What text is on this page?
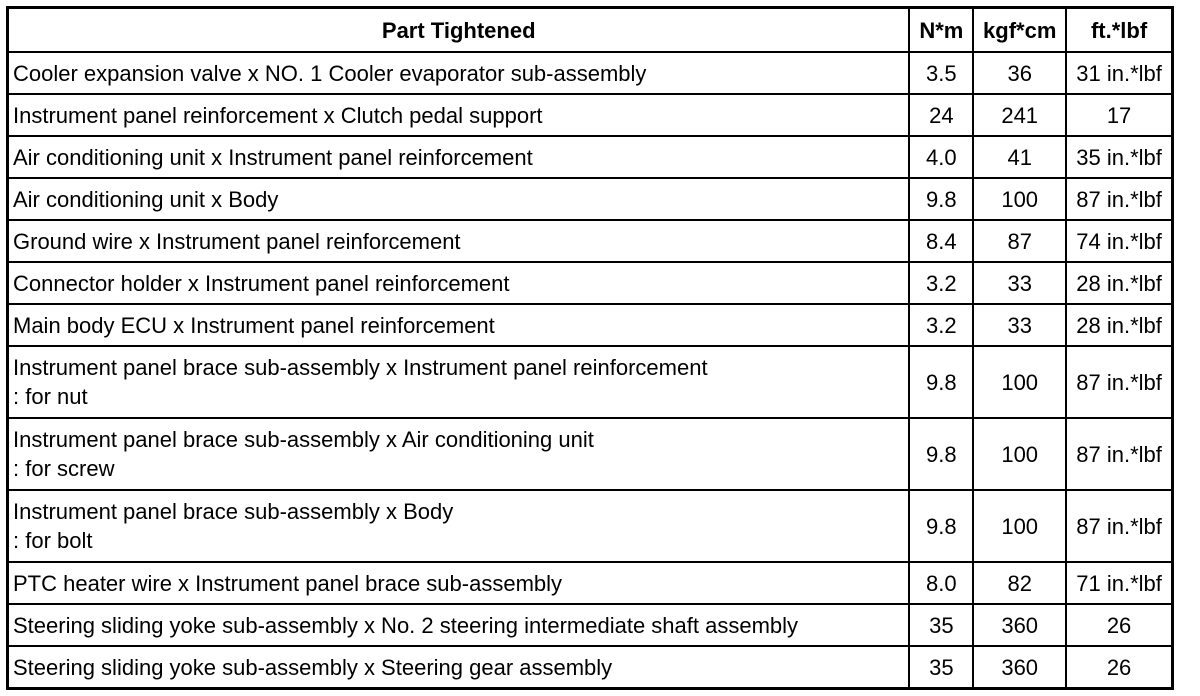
Part Tightened	N*m	kgf*cm	ft.*lbf
Cooler expansion valve x NO. 1 Cooler evaporator sub-assembly	3.5	36	31 in.*lbf
Instrument panel reinforcement x Clutch pedal support	24	241	17
Air conditioning unit x Instrument panel reinforcement	4.0	41	35 in.*lbf
Air conditioning unit x Body	9.8	100	87 in.*lbf
Ground wire x Instrument panel reinforcement	8.4	87	74 in.*lbf
Connector holder x Instrument panel reinforcement	3.2	33	28 in.*lbf
Main body ECU x Instrument panel reinforcement	3.2	33	28 in.*lbf
Instrument panel brace sub-assembly x Instrument panel reinforcement
: for nut	9.8	100	87 in.*lbf
Instrument panel brace sub-assembly x Air conditioning unit
: for screw	9.8	100	87 in.*lbf
Instrument panel brace sub-assembly x Body
: for bolt	9.8	100	87 in.*lbf
PTC heater wire x Instrument panel brace sub-assembly	8.0	82	71 in.*lbf
Steering sliding yoke sub-assembly x No. 2 steering intermediate shaft assembly	35	360	26
Steering sliding yoke sub-assembly x Steering gear assembly	35	360	26
